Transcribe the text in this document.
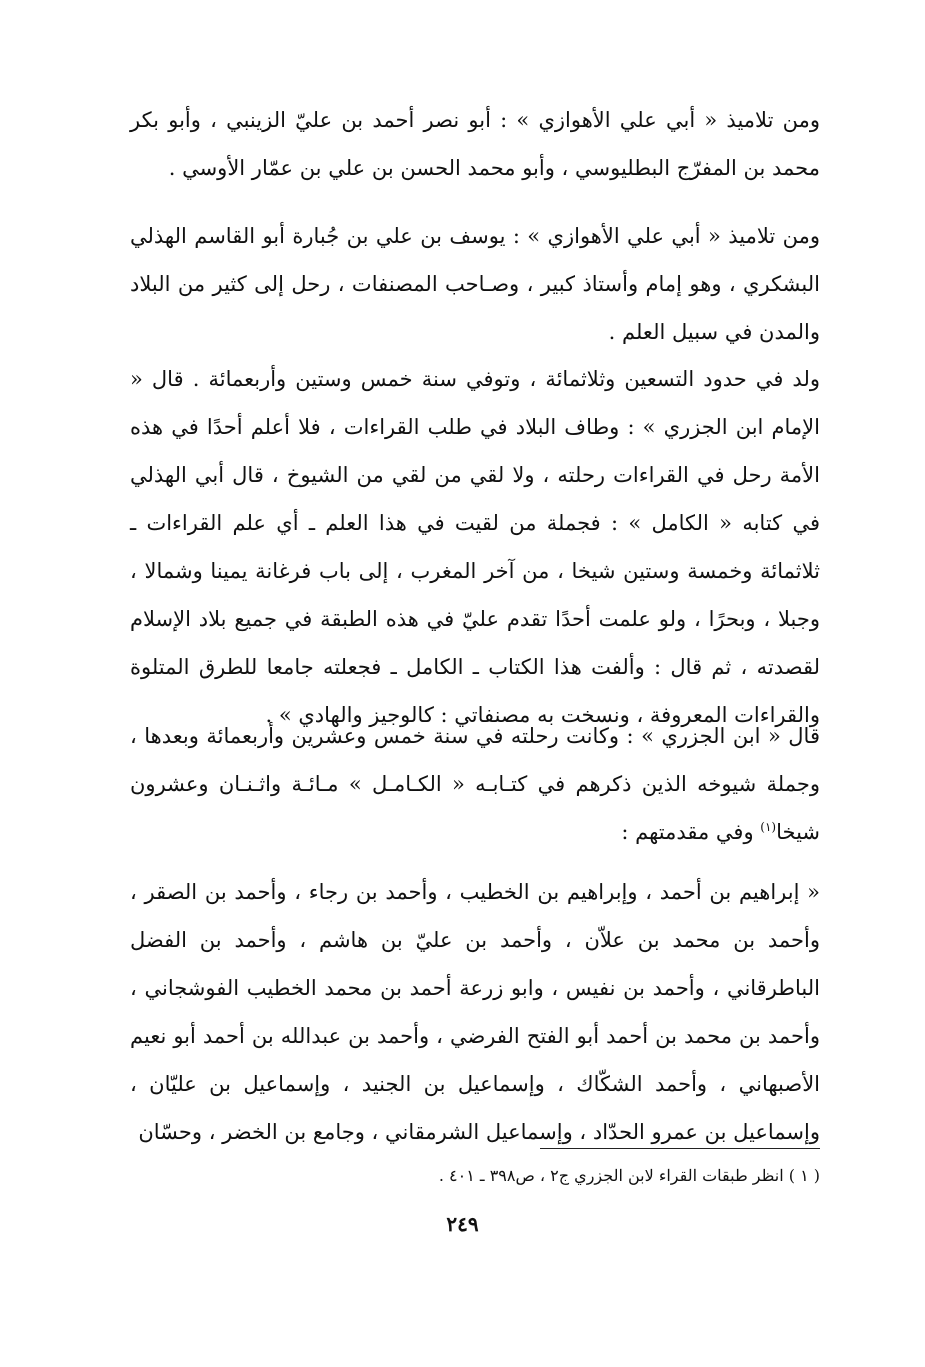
ومن تلاميذ « أبي علي الأهوازي » : أبو نصر أحمد بن عليّ الزينبي ، وأبو بكر محمد بن المفرّج البطليوسي ، وأبو محمد الحسن بن علي بن عمّار الأوسي .

ومن تلاميذ « أبي علي الأهوازي » : يوسف بن علي بن جُبارة أبو القاسم الهذلي البشكري ، وهو إمام وأستاذ كبير ، وصـاحب المصنفات ، رحل إلى كثير من البلاد والمدن في سبيل العلم .

ولد في حدود التسعين وثلاثمائة ، وتوفي سنة خمس وستين وأربعمائة . قال « الإمام ابن الجزري » : وطاف البلاد في طلب القراءات ، فلا أعلم أحدًا في هذه الأمة رحل في القراءات رحلته ، ولا لقي من لقي من الشيوخ ، قال أبي الهذلي في كتابه « الكامل » : فجملة من لقيت في هذا العلم ـ أي علم القراءات ـ ثلاثمائة وخمسة وستين شيخا ، من آخر المغرب ، إلى باب فرغانة يمينا وشمالا ، وجبلا ، وبحرًا ، ولو علمت أحدًا تقدم عليّ في هذه الطبقة في جميع بلاد الإسلام لقصدته ، ثم قال : وألفت هذا الكتاب ـ الكامل ـ فجعلته جامعا للطرق المتلوة والقراءات المعروفة ، ونسخت به مصنفاتي : كالوجيز والهادي » .

قال « ابن الجزري » : وكانت رحلته في سنة خمس وعشرين وأربعمائة وبعدها ، وجملة شيوخه الذين ذكرهم في كتـابـه « الكـامـل » مـائـة واثـنـان وعشرون شيخا$^{(١)}$ وفي مقدمتهم :

« إبراهيم بن أحمد ، وإبراهيم بن الخطيب ، وأحمد بن رجاء ، وأحمد بن الصقر ، وأحمد بن محمد بن علاّن ، وأحمد بن عليّ بن هاشم ، وأحمد بن الفضل الباطرقاني ، وأحمد بن نفيس ، وابو زرعة أحمد بن محمد الخطيب الفوشجاني ، وأحمد بن محمد بن أحمد أبو الفتح الفرضي ، وأحمد بن عبدالله بن أحمد أبو نعيم الأصبهاني ، وأحمد الشكّاك ، وإسماعيل بن الجنيد ، وإسماعيل بن عليّان ، وإسماعيل بن عمرو الحدّاد ، وإسماعيل الشرمقاني ، وجامع بن الخضر ، وحسّان

( ١ ) انظر طبقات القراء لابن الجزري ج٢ ، ص٣٩٨ ـ ٤٠١ .
٢٤٩
